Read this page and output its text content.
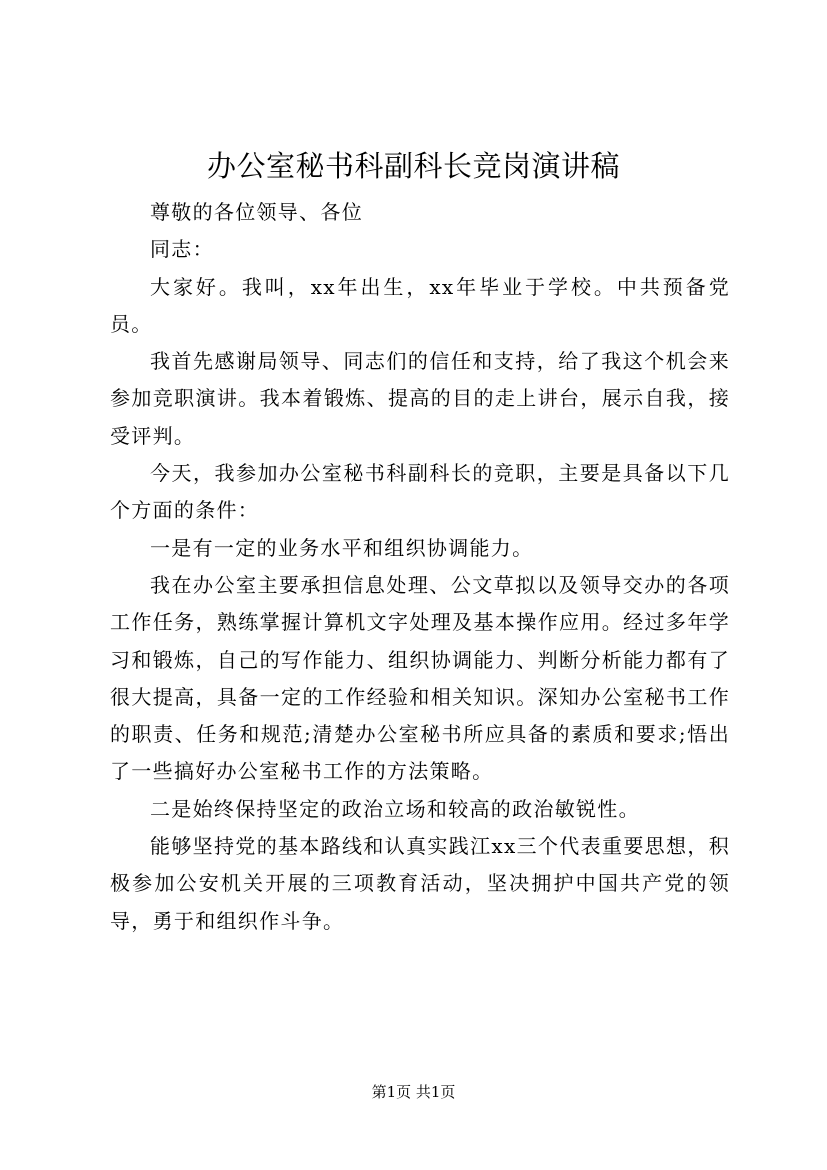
办公室秘书科副科长竞岗演讲稿

尊敬的各位领导、各位

同志：

大家好。我叫，xx年出生，xx年毕业于学校。中共预备党员。

我首先感谢局领导、同志们的信任和支持，给了我这个机会来参加竞职演讲。我本着锻炼、提高的目的走上讲台，展示自我，接受评判。

今天，我参加办公室秘书科副科长的竞职，主要是具备以下几个方面的条件：

一是有一定的业务水平和组织协调能力。

我在办公室主要承担信息处理、公文草拟以及领导交办的各项工作任务，熟练掌握计算机文字处理及基本操作应用。经过多年学习和锻炼，自己的写作能力、组织协调能力、判断分析能力都有了很大提高，具备一定的工作经验和相关知识。深知办公室秘书工作的职责、任务和规范;清楚办公室秘书所应具备的素质和要求;悟出了一些搞好办公室秘书工作的方法策略。

二是始终保持坚定的政治立场和较高的政治敏锐性。

能够坚持党的基本路线和认真实践江xx三个代表重要思想，积极参加公安机关开展的三项教育活动，坚决拥护中国共产党的领导，勇于和组织作斗争。

第1页 共1页
